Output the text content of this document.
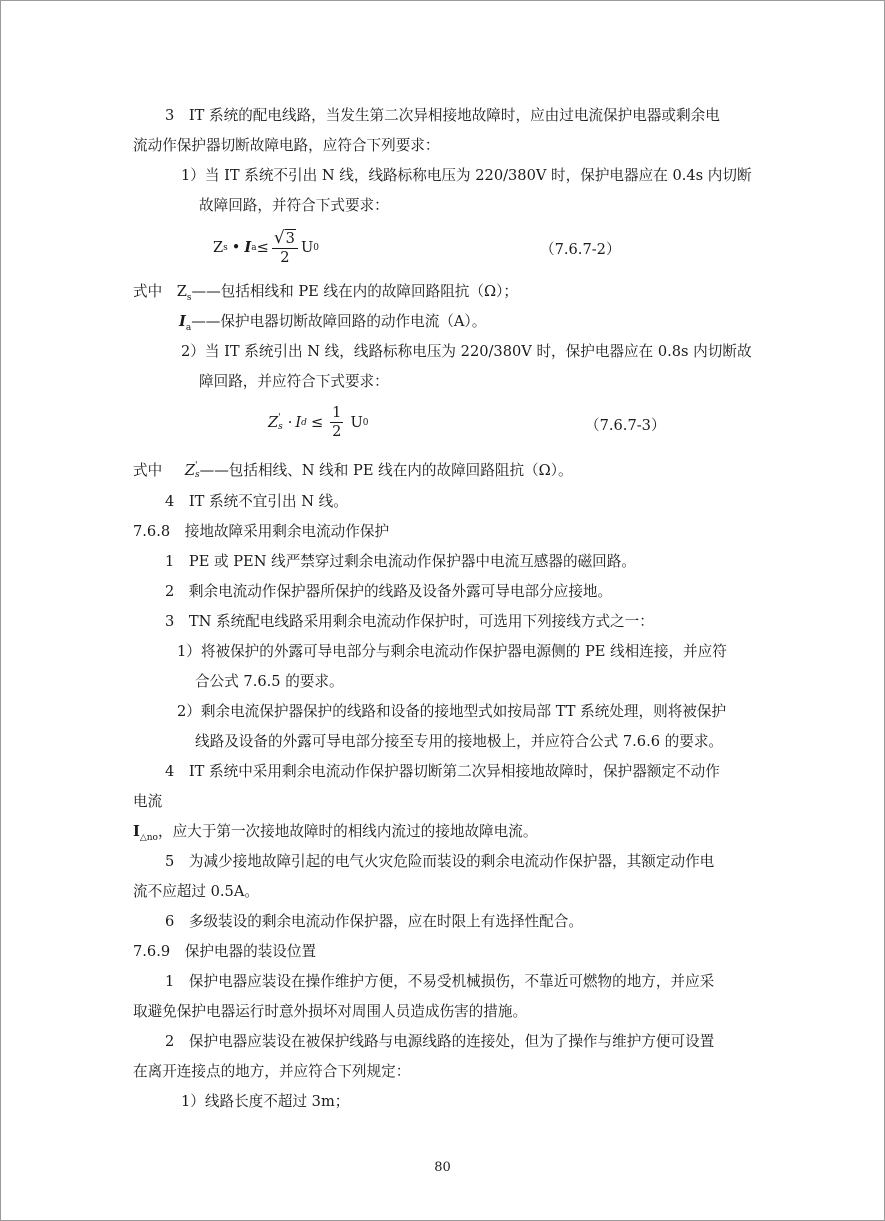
3　IT 系统的配电线路，当发生第二次异相接地故障时，应由过电流保护电器或剩余电
流动作保护器切断故障电路，应符合下列要求：
1）当 IT 系统不引出 N 线，线路标称电压为 220/380V 时，保护电器应在 0.4s 内切断
故障回路，并符合下式要求：
Z s • I $a \le \frac{√3}{2}$ U 0	（7.6.7-2）
式中　$Z_s——$包括相线和 PE 线在内的故障回路阻抗（Ω）；
$I_a——$保护电器切断故障回路的动作电流（A）。
2）当 IT 系统引出 N 线，线路标称电压为 220/380V 时，保护电器应在 0.8s 内切断故
障回路，并应符合下式要求：
Z '
s · I $d \le \frac{1}{2}$ U 0	（7.6.7-3）
式中 Z '
s ——包括相线、N 线和 PE 线在内的故障回路阻抗（Ω）。
4　IT 系统不宜引出 N 线。
7.6.8　接地故障采用剩余电流动作保护
1　PE 或 PEN 线严禁穿过剩余电流动作保护器中电流互感器的磁回路。
2　剩余电流动作保护器所保护的线路及设备外露可导电部分应接地。
3　TN 系统配电线路采用剩余电流动作保护时，可选用下列接线方式之一：
1）将被保护的外露可导电部分与剩余电流动作保护器电源侧的 PE 线相连接，并应符
合公式 7.6.5 的要求。
2）剩余电流保护器保护的线路和设备的接地型式如按局部 TT 系统处理，则将被保护
线路及设备的外露可导电部分接至专用的接地极上，并应符合公式 7.6.6 的要求。
4　IT 系统中采用剩余电流动作保护器切断第二次异相接地故障时，保护器额定不动作
电流
$I_{\triangle no}$，应大于第一次接地故障时的相线内流过的接地故障电流。
5　为减少接地故障引起的电气火灾危险而装设的剩余电流动作保护器，其额定动作电
流不应超过 0.5A。
6　多级装设的剩余电流动作保护器，应在时限上有选择性配合。
7.6.9　保护电器的装设位置
1　保护电器应装设在操作维护方便，不易受机械损伤，不靠近可燃物的地方，并应采
取避免保护电器运行时意外损坏对周围人员造成伤害的措施。
2　保护电器应装设在被保护线路与电源线路的连接处，但为了操作与维护方便可设置
在离开连接点的地方，并应符合下列规定：
1）线路长度不超过 3m；
80
